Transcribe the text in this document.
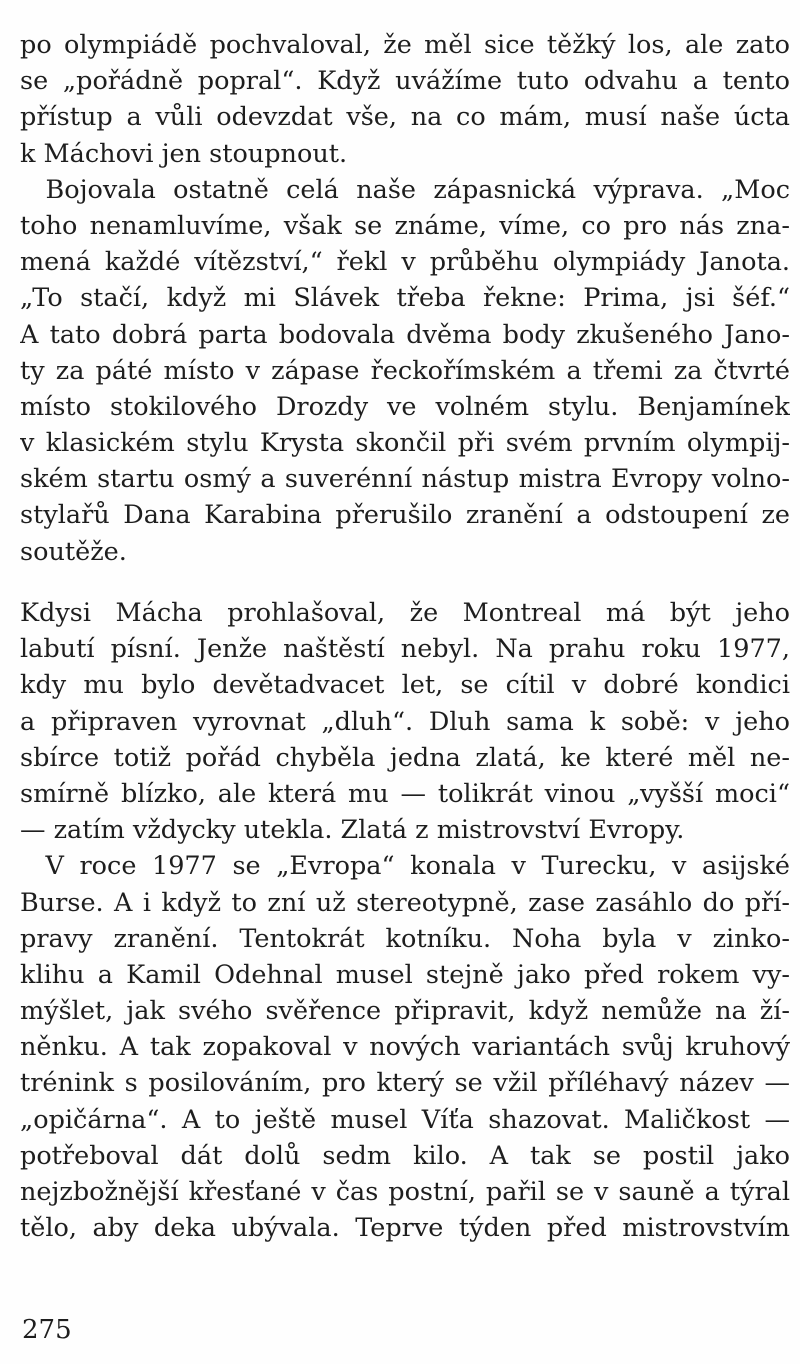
po olympiádě pochvaloval, že měl sice těžký los, ale zato
se „pořádně popral“. Když uvážíme tuto odvahu a tento
přístup a vůli odevzdat vše, na co mám, musí naše úcta
k Máchovi jen stoupnout.
 Bojovala ostatně celá naše zápasnická výprava. „Moc
toho nenamluvíme, však se známe, víme, co pro nás zna-
mená každé vítězství,“ řekl v průběhu olympiády Janota.
„To stačí, když mi Slávek třeba řekne: Prima, jsi šéf.“
A tato dobrá parta bodovala dvěma body zkušeného Jano-
ty za páté místo v zápase řeckořímském a třemi za čtvrté
místo stokilového Drozdy ve volném stylu. Benjamínek
v klasickém stylu Krysta skončil při svém prvním olympij-
ském startu osmý a suverénní nástup mistra Evropy volno-
stylařů Dana Karabina přerušilo zranění a odstoupení ze
soutěže.
Kdysi Mácha prohlašoval, že Montreal má být jeho
labutí písní. Jenže naštěstí nebyl. Na prahu roku 1977,
kdy mu bylo devětadvacet let, se cítil v dobré kondici
a připraven vyrovnat „dluh“. Dluh sama k sobě: v jeho
sbírce totiž pořád chyběla jedna zlatá, ke které měl ne-
smírně blízko, ale která mu — tolikrát vinou „vyšší moci“
— zatím vždycky utekla. Zlatá z mistrovství Evropy.
 V roce 1977 se „Evropa“ konala v Turecku, v asijské
Burse. A i když to zní už stereotypně, zase zasáhlo do pří-
pravy zranění. Tentokrát kotníku. Noha byla v zinko-
klihu a Kamil Odehnal musel stejně jako před rokem vy-
mýšlet, jak svého svěřence připravit, když nemůže na ží-
něnku. A tak zopakoval v nových variantách svůj kruhový
trénink s posilováním, pro který se vžil příléhavý název —
„opičárna“. A to ještě musel Víťa shazovat. Maličkost —
potřeboval dát dolů sedm kilo. A tak se postil jako
nejzbožnější křesťané v čas postní, pařil se v sauně a týral
tělo, aby deka ubývala. Teprve týden před mistrovstvím
275
